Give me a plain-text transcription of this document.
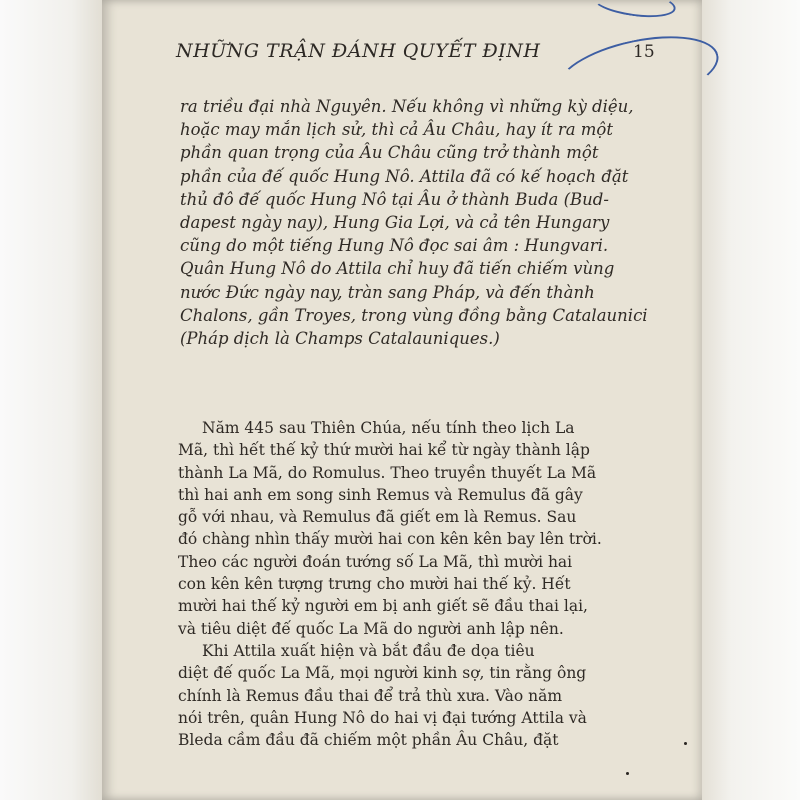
NHỮNG TRẬN ĐÁNH QUYẾT ĐỊNH	15
ra triều đại nhà Nguyên. Nếu không vì những kỳ diệu,
hoặc may mắn lịch sử, thì cả Âu Châu, hay ít ra một
phần quan trọng của Âu Châu cũng trở thành một
phần của đế quốc Hung Nô. Attila đã có kế hoạch đặt
thủ đô đế quốc Hung Nô tại Âu ở thành Buda (Bud-
dapest ngày nay), Hung Gia Lợi, và cả tên Hungary
cũng do một tiếng Hung Nô đọc sai âm : Hungvari.
Quân Hung Nô do Attila chỉ huy đã tiến chiếm vùng
nước Đức ngày nay, tràn sang Pháp, và đến thành
Chalons, gần Troyes, trong vùng đồng bằng Catalaunici
(Pháp dịch là Champs Catalauniques.)
Năm 445 sau Thiên Chúa, nếu tính theo lịch La
Mã, thì hết thế kỷ thứ mười hai kể từ ngày thành lập
thành La Mã, do Romulus. Theo truyền thuyết La Mã
thì hai anh em song sinh Remus và Remulus đã gây
gỗ với nhau, và Remulus đã giết em là Remus. Sau
đó chàng nhìn thấy mười hai con kên kên bay lên trời.
Theo các người đoán tướng số La Mã, thì mười hai
con kên kên tượng trưng cho mười hai thế kỷ. Hết
mười hai thế kỷ người em bị anh giết sẽ đầu thai lại,
và tiêu diệt đế quốc La Mã do người anh lập nên.
Khi Attila xuất hiện và bắt đầu đe dọa tiêu
diệt đế quốc La Mã, mọi người kinh sợ, tin rằng ông
chính là Remus đầu thai để trả thù xưa. Vào năm
nói trên, quân Hung Nô do hai vị đại tướng Attila và
Bleda cầm đầu đã chiếm một phần Âu Châu, đặt
